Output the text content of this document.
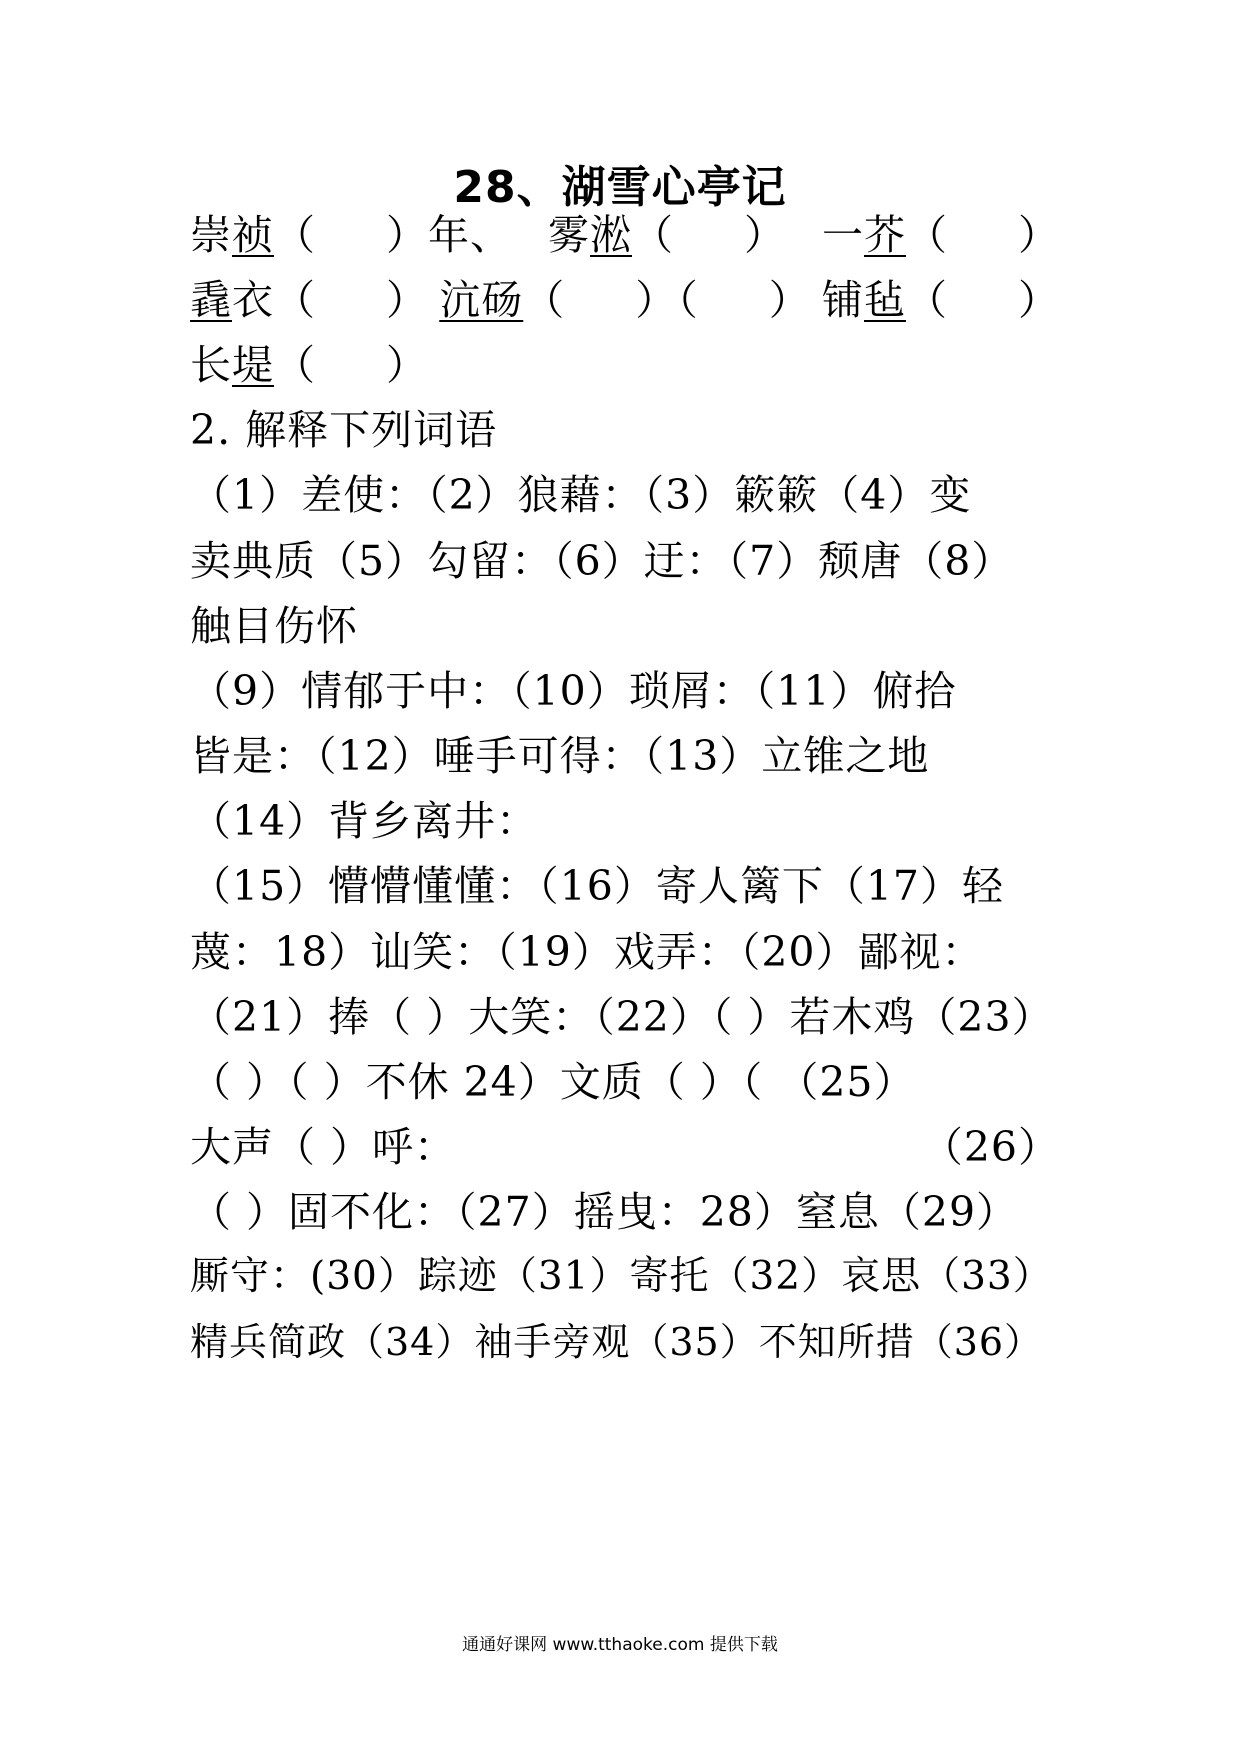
28、湖雪心亭记
崇祯（ ）年、 雾淞（ ） 一芥（ ）
毳衣（ ） 沆砀（ ）（ ） 铺毡（ ）
长堤（ ）
2. 解释下列词语
（1）差使：（2）狼藉：（3）簌簌（4）变
卖典质（5）勾留：（6）迂：（7）颓唐（8）
触目伤怀
（9）情郁于中：（10）琐屑：（11）俯拾
皆是：（12）唾手可得：（13）立锥之地
（14）背乡离井：
（15）懵懵懂懂：（16）寄人篱下（17）轻
蔑：18）讪笑：（19）戏弄：（20）鄙视：
（21）捧（ ）大笑：（22）（ ）若木鸡（23）
（ ）（ ）不休 24）文质（ ）（ （25）
大声（ ）呼：	（26）
（ ）固不化：（27）摇曳：28）窒息（29）
厮守：(30）踪迹（31）寄托（32）哀思（33）
精兵简政（34）袖手旁观（35）不知所措（36）
通通好课网 www.tthaoke.com 提供下载
